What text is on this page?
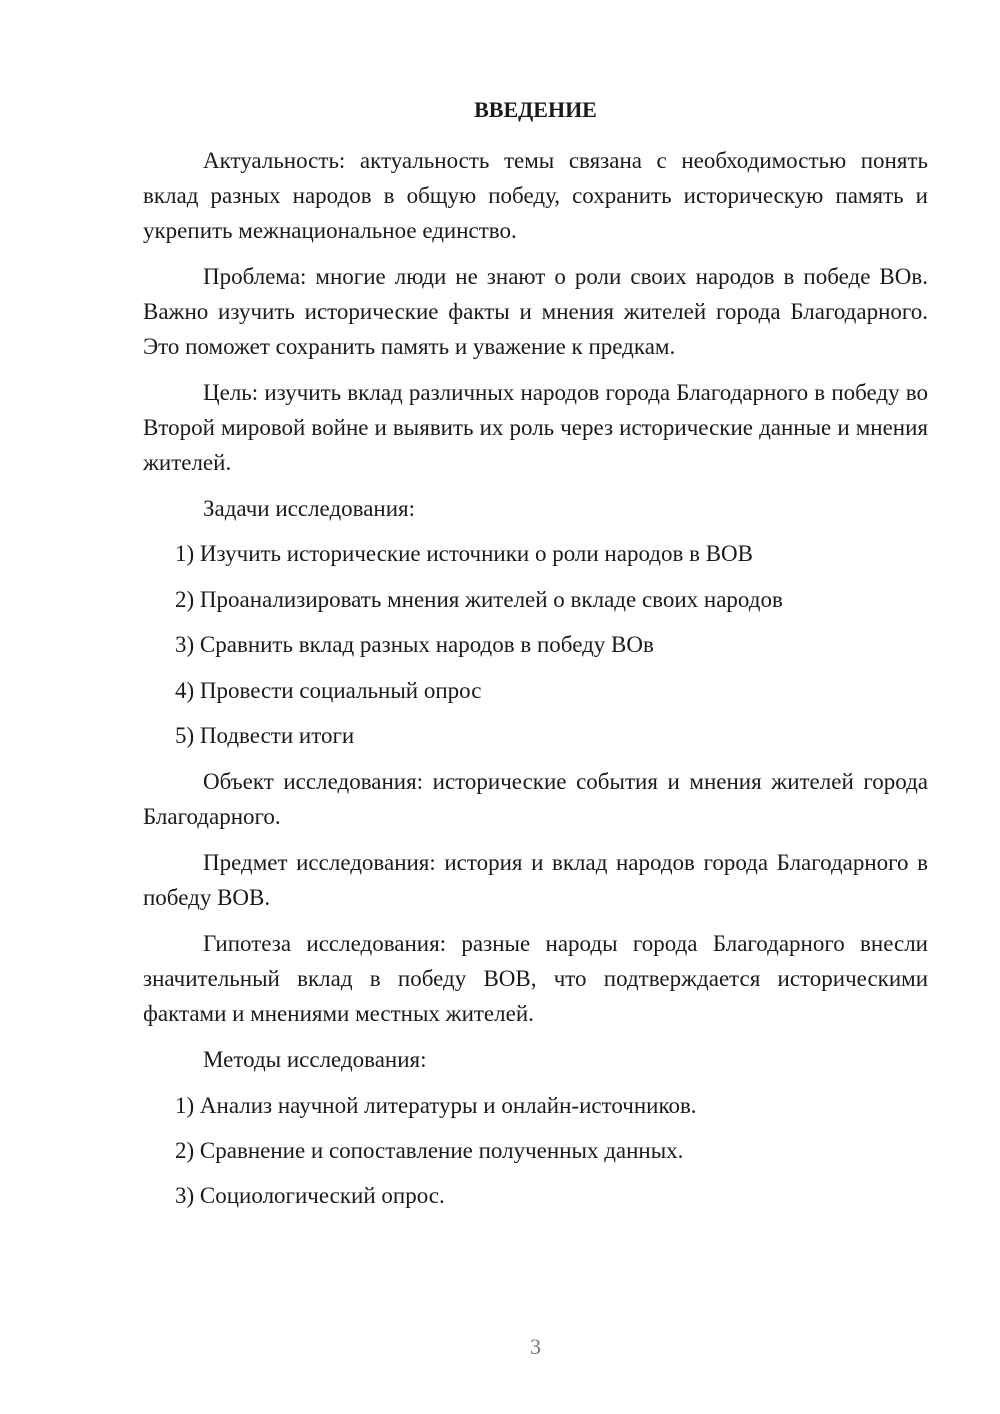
ВВЕДЕНИЕ

Актуальность: актуальность темы связана с необходимостью понять вклад разных народов в общую победу, сохранить историческую память и укрепить межнациональное единство.

Проблема: многие люди не знают о роли своих народов в победе ВОв. Важно изучить исторические факты и мнения жителей города Благодарного. Это поможет сохранить память и уважение к предкам.

Цель: изучить вклад различных народов города Благодарного в победу во Второй мировой войне и выявить их роль через исторические данные и мнения жителей.

Задачи исследования:

1) Изучить исторические источники о роли народов в ВОВ

2) Проанализировать мнения жителей о вкладе своих народов

3) Сравнить вклад разных народов в победу ВОв

4) Провести социальный опрос

5) Подвести итоги

Объект исследования: исторические события и мнения жителей города Благодарного.

Предмет исследования: история и вклад народов города Благодарного в победу ВОВ.

Гипотеза исследования: разные народы города Благодарного внесли значительный вклад в победу ВОВ, что подтверждается историческими фактами и мнениями местных жителей.

Методы исследования:

1) Анализ научной литературы и онлайн-источников.

2) Сравнение и сопоставление полученных данных.

3) Социологический опрос.

3
